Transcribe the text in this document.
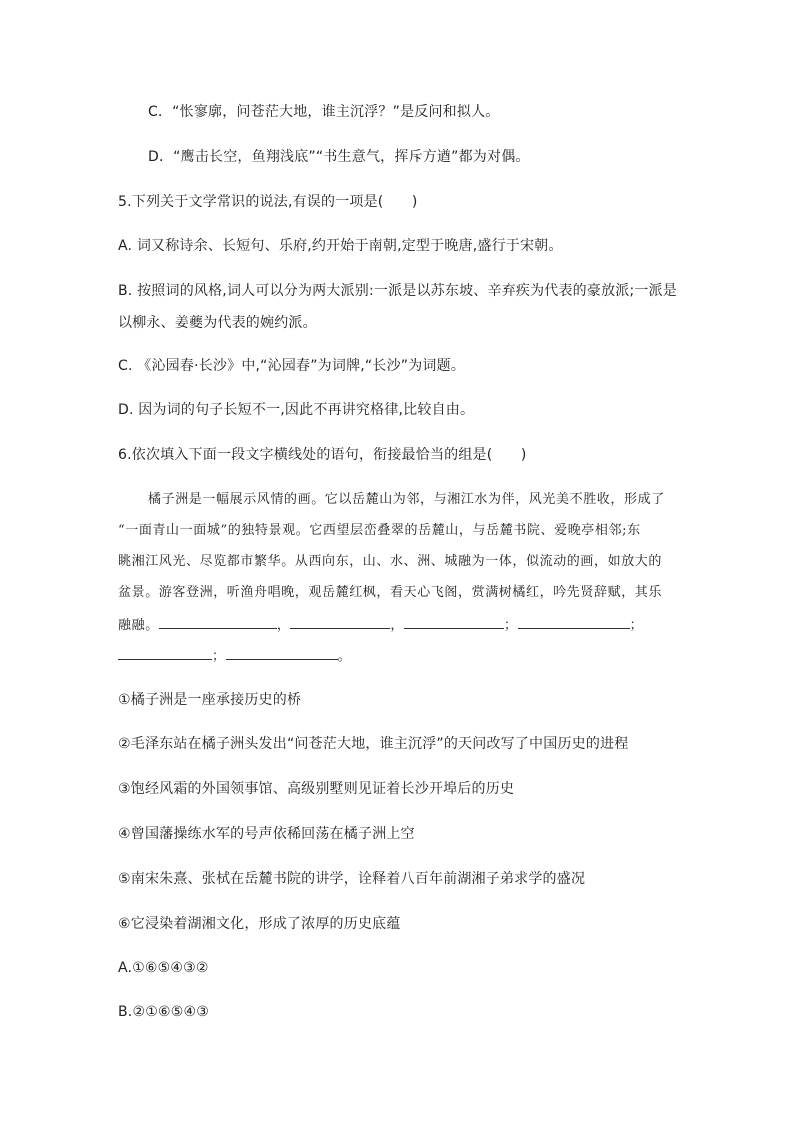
C．“怅寥廓，问苍茫大地，谁主沉浮？”是反问和拟人。
D．“鹰击长空，鱼翔浅底”“书生意气，挥斥方遒”都为对偶。
5.下列关于文学常识的说法,有误的一项是(　　)
A. 词又称诗余、长短句、乐府,约开始于南朝,定型于晚唐,盛行于宋朝。
B. 按照词的风格,词人可以分为两大派别:一派是以苏东坡、辛弃疾为代表的豪放派;一派是
以柳永、姜夔为代表的婉约派。
C. 《沁园春·长沙》中,“沁园春”为词牌,“长沙”为词题。
D. 因为词的句子长短不一,因此不再讲究格律,比较自由。
6.依次填入下面一段文字横线处的语句，衔接最恰当的组是(　　)
橘子洲是一幅展示风情的画。它以岳麓山为邻，与湘江水为伴，风光美不胜收，形成了
“一面青山一面城”的独特景观。它西望层峦叠翠的岳麓山，与岳麓书院、爱晚亭相邻;东
眺湘江风光、尽览都市繁华。从西向东，山、水、洲、城融为一体，似流动的画，如放大的
盆景。游客登洲，听渔舟唱晚，观岳麓红枫，看天心飞阁，赏满树橘红，吟先贤辞赋，其乐
融融。	，	，	；	；
；	。
①橘子洲是一座承接历史的桥
②毛泽东站在橘子洲头发出“问苍茫大地，谁主沉浮”的天问改写了中国历史的进程
③饱经风霜的外国领事馆、高级别墅则见证着长沙开埠后的历史
④曾国藩操练水军的号声依稀回荡在橘子洲上空
⑤南宋朱熹、张栻在岳麓书院的讲学，诠释着八百年前湖湘子弟求学的盛况
⑥它浸染着湖湘文化，形成了浓厚的历史底蕴
A.①⑥⑤④③②
B.②①⑥⑤④③
